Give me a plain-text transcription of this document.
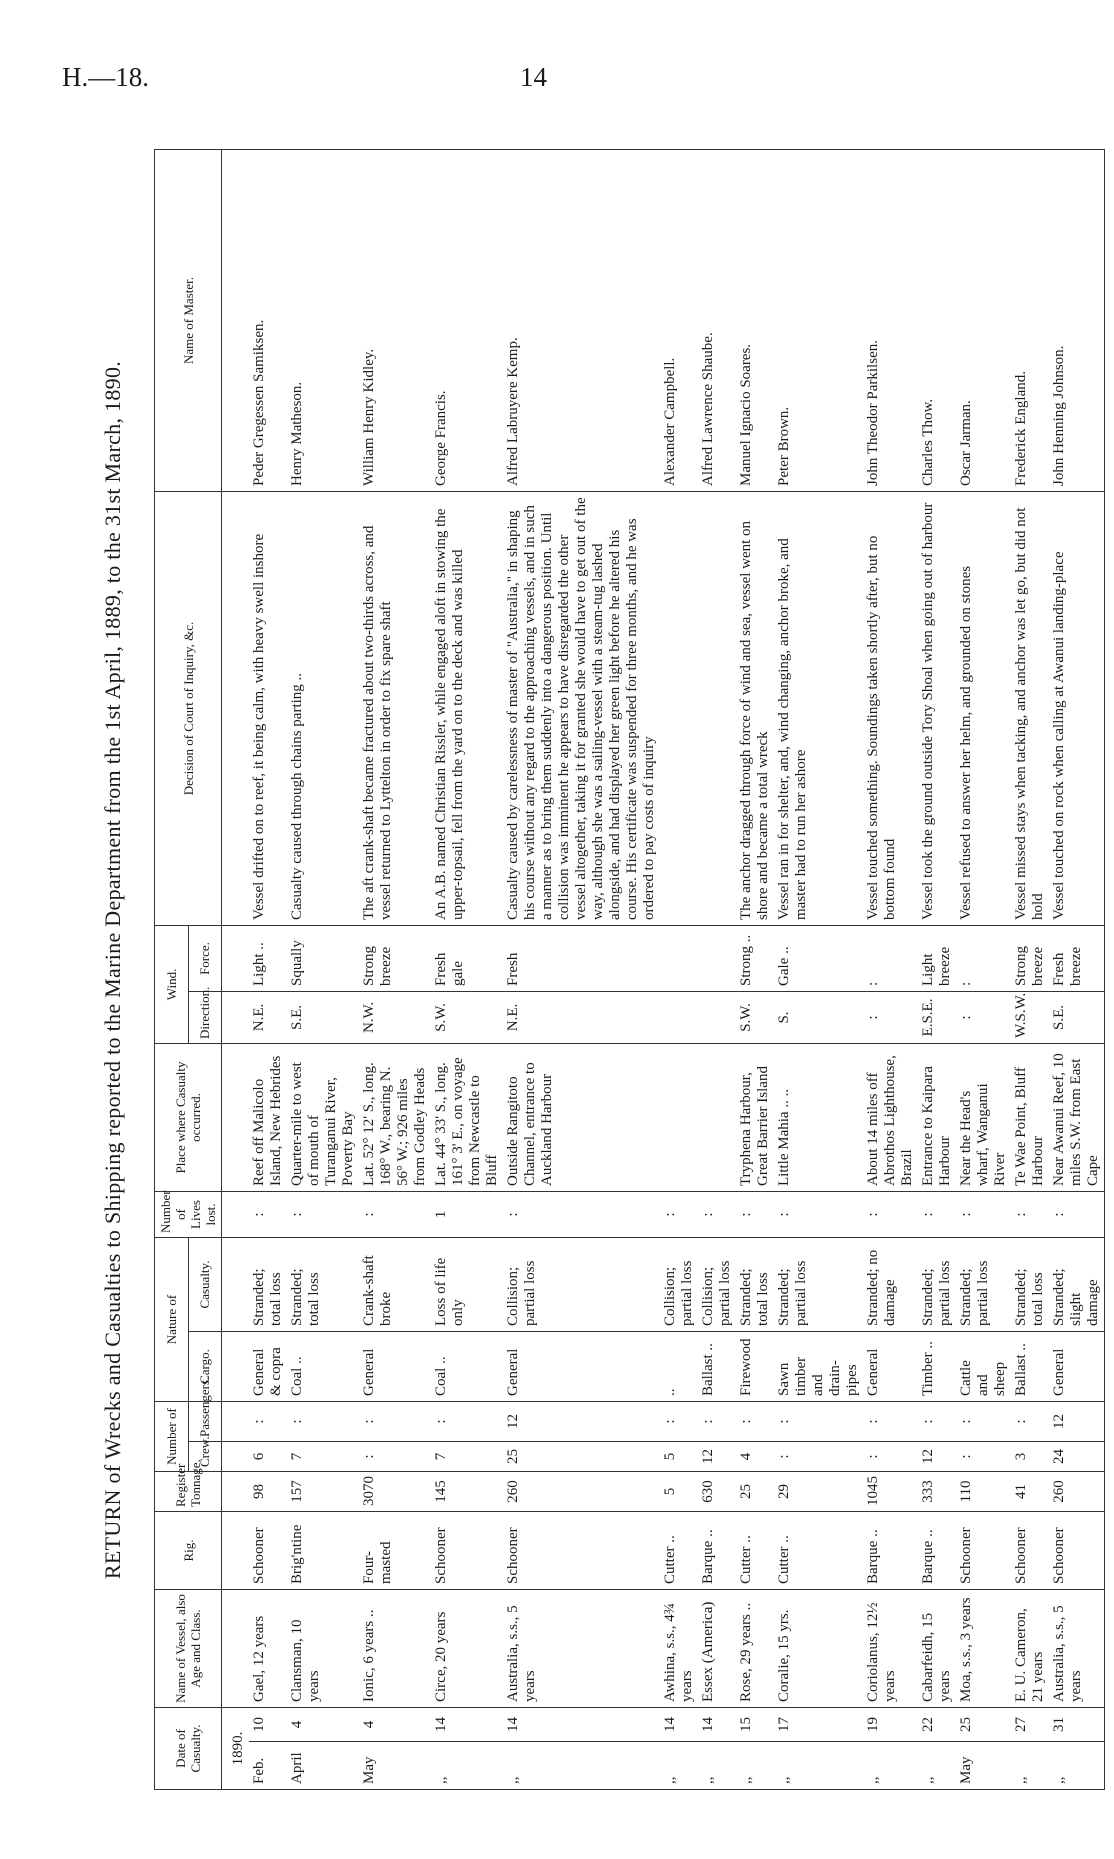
H.—18.	14
RETURN of Wrecks and Casualties to Shipping reported to the Marine Department from the 1st April, 1889, to the 31st March, 1890.
Date of Casualty.		Name of Vessel, also Age and Class.	Rig.	Register Tonnage.	Number of		Nature of		Number of Lives lost.	Place where Casualty occurred.	Wind.		Decision of Court of Inquiry, &c.	Name of Master.
					Crew.	Passengers.	Cargo.	Casualty.			Direction.	Force.		
1890.														
Feb.	10	Gael, 12 years	Schooner	98	6	:	General & copra	Stranded; total loss	:	Reef off Malicolo Island, New Hebrides	N.E.	Light ..	Vessel drifted on to reef, it being calm, with heavy swell inshore	Peder Gregessen Samiksen.
April	4	Clansman, 10 years	Brig'ntine	157	7	:	Coal ..	Stranded; total loss	:	Quarter-mile to west of mouth of Turanganui River, Poverty Bay	S.E.	Squally	Casualty caused through chains parting ..	Henry Matheson.
May	4	Ionic, 6 years ..	Four-masted	3070	:	:	General	Crank-shaft broke	:	Lat. 52° 12' S., long. 168° W., bearing N. 56° W.; 926 miles from Godley Heads	N.W.	Strong breeze	The aft crank-shaft became fractured about two-thirds across, and vessel returned to Lyttelton in order to fix spare shaft	William Henry Kidley.
,,	14	Circe, 20 years	Schooner	145	7	:	Coal ..	Loss of life only	1	Lat. 44° 33' S., long. 161° 3' E., on voyage from Newcastle to Bluff	S.W.	Fresh gale	An A.B. named Christian Rissler, while engaged aloft in stowing the upper-topsail, fell from the yard on to the deck and was killed	George Francis.
,,	14	Australia, s.s., 5 years	Schooner	260	25	12	General	Collision; partial loss	:	Outside Rangitoto Channel, entrance to Auckland Harbour	N.E.	Fresh	Casualty caused by carelessness of master of "Australia," in shaping his course without any regard to the approaching vessels, and in such a manner as to bring them suddenly into a dangerous position. Until collision was imminent he appears to have disregarded the other vessel altogether, taking it for granted she would have to get out of the way, although she was a sailing-vessel with a steam-tug lashed alongside, and had displayed her green light before he altered his course. His certificate was suspended for three months, and he was ordered to pay costs of inquiry	Alfred Labruyere Kemp.
,,	14	Awhina, s.s., 4¾ years	Cutter ..	5	5	:	..	Collision; partial loss	:					Alexander Campbell.
,,	14	Essex (America)	Barque ..	630	12	:	Ballast ..	Collision; partial loss	:					Alfred Lawrence Shaube.
,,	15	Rose, 29 years ..	Cutter ..	25	4	:	Firewood	Stranded; total loss	:	Tryphena Harbour, Great Barrier Island	S.W.	Strong ..	The anchor dragged through force of wind and sea, vessel went on shore and became a total wreck	Manuel Ignacio Soares.
,,	17	Coralie, 15 yrs.	Cutter ..	29	:	:	Sawn timber and drain-pipes	Stranded; partial loss	:	Little Mahia .. ..	S.	Gale ..	Vessel ran in for shelter, and, wind changing, anchor broke, and master had to run her ashore	Peter Brown.
,,	19	Coriolanus, 12½ years	Barque ..	1045	:	:	General	Stranded; no damage	:	About 14 miles off Abrothos Lighthouse, Brazil	:	:	Vessel touched something. Soundings taken shortly after, but no bottom found	John Theodor Parkilsen.
,,	22	Cabarfeidh, 15 years	Barque ..	333	12	:	Timber ..	Stranded; partial loss	:	Entrance to Kaipara Harbour	E.S.E.	Light breeze	Vessel took the ground outside Tory Shoal when going out of harbour	Charles Thow.
May	25	Moa, s.s., 3 years	Schooner	110	:	:	Cattle and sheep	Stranded; partial loss	:	Near the Head's wharf, Wanganui River	:	:	Vessel refused to answer her helm, and grounded on stones	Oscar Jarman.
,,	27	E. U. Cameron, 21 years	Schooner	41	3	:	Ballast ..	Stranded; total loss	:	Te Wae Point, Bluff Harbour	W.S.W.	Strong breeze	Vessel missed stays when tacking, and anchor was let go, but did not hold	Frederick England.
,,	31	Australia, s.s., 5 years	Schooner	260	24	12	General	Stranded; slight damage	:	Near Awanui Reef, 10 miles S.W. from East Cape	S.E.	Fresh breeze	Vessel touched on rock when calling at Awanui landing-place	John Henning Johnson.
